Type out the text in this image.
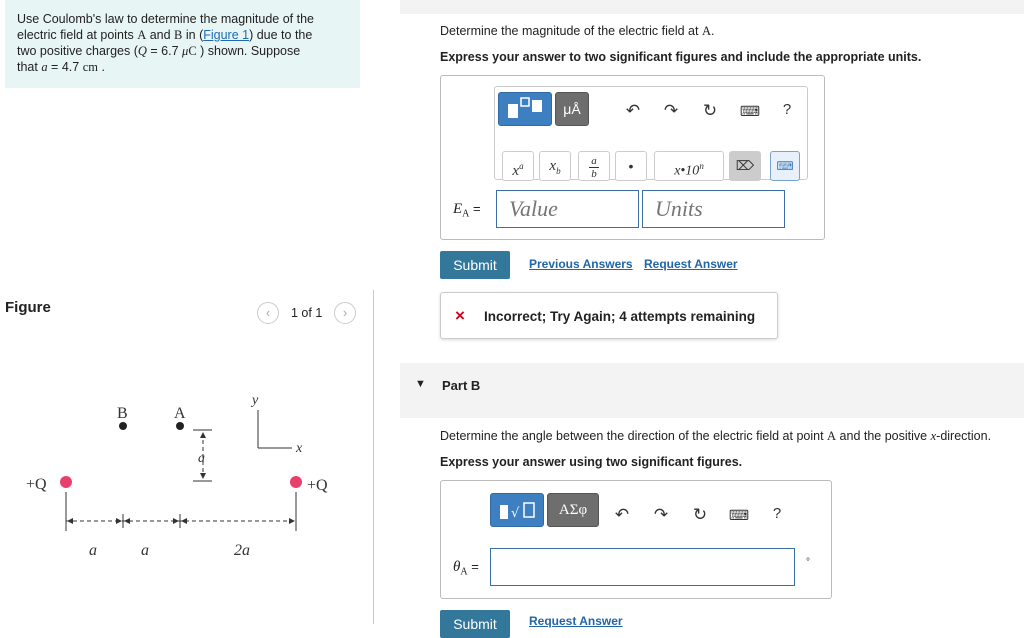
Use Coulomb's law to determine the magnitude of the
electric field at points A and B in (Figure 1) due to the
two positive charges (Q = 6.7 μC ) shown. Suppose
that a = 4.7 cm .
Figure	‹	1 of 1	›
y
x
B	A
a
+Q	+Q
a	a	2a
Determine the magnitude of the electric field at A.
Express your answer to two significant figures and include the appropriate units.
μÅ	↶ ↷ ↻ ⌨	?
$x^a$	$x_b$
a
b	•	x•10$^n$	⌦	⌨
$E_A$ =
Value
Units
Submit	Previous Answers Request Answer
× Incorrect; Try Again; 4 attempts remaining
▼ Part B
Determine the angle between the direction of the electric field at point A and the positive x-direction.
Express your answer using two significant figures.
√	ΑΣφ	↶ ↷ ↻ ⌨	?
$\theta_A$ =	°
Submit	Request Answer
